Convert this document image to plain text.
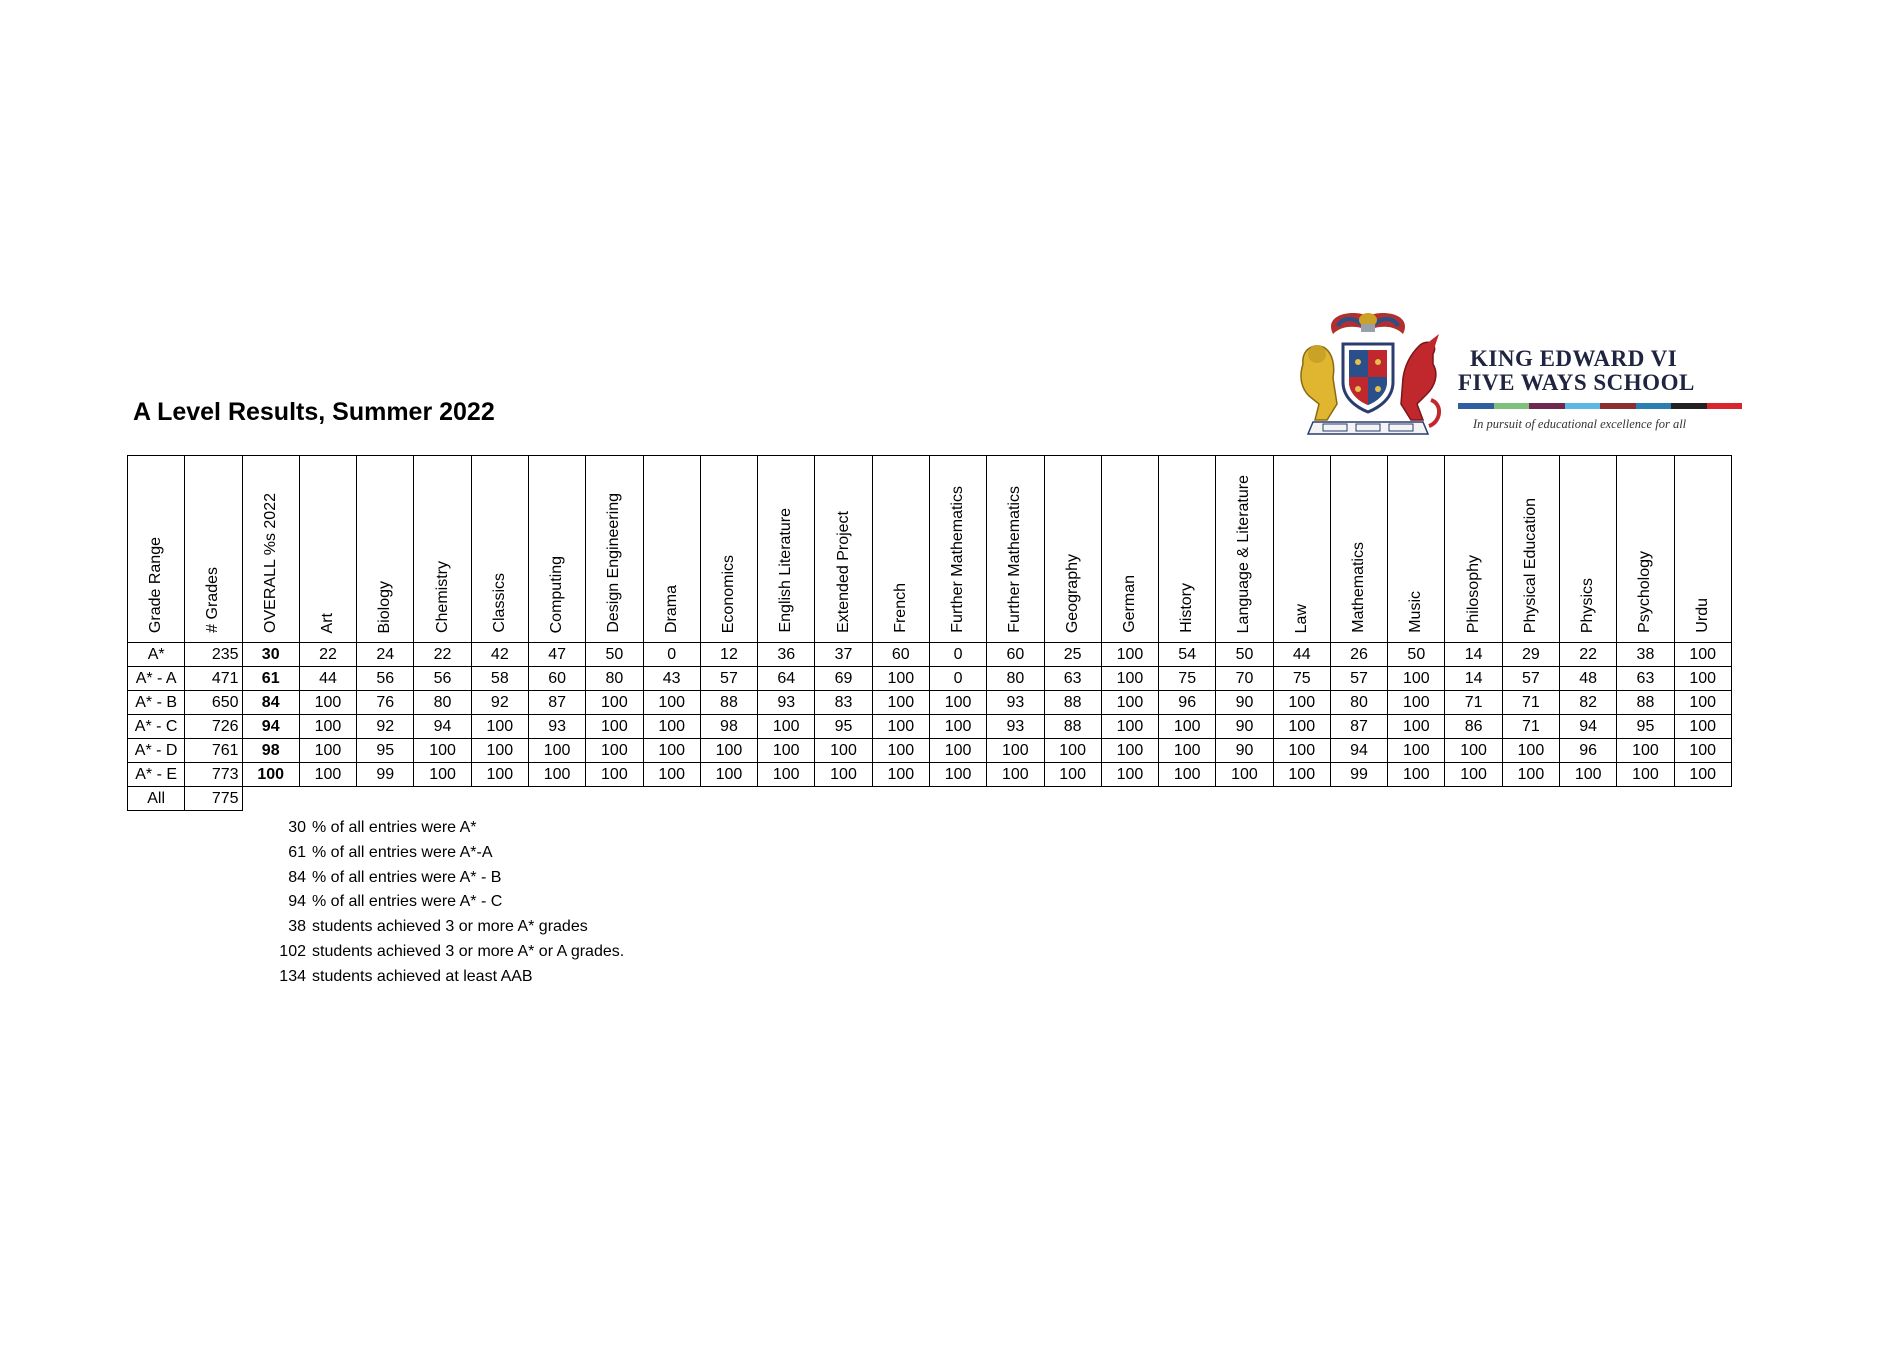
A Level Results, Summer 2022
KING EDWARD VI
FIVE WAYS SCHOOL
In pursuit of educational excellence for all
Grade Range	# Grades	OVERALL %s 2022	Art	Biology	Chemistry	Classics	Computing	Design Engineering	Drama	Economics	English Literature	Extended Project	French	Further Mathematics	Further Mathematics	Geography	German	History	Language & Literature	Law	Mathematics	Music	Philosophy	Physical Education	Physics	Psychology	Urdu
A*	235	30	22	24	22	42	47	50	0	12	36	37	60	0	60	25	100	54	50	44	26	50	14	29	22	38	100
A* - A	471	61	44	56	56	58	60	80	43	57	64	69	100	0	80	63	100	75	70	75	57	100	14	57	48	63	100
A* - B	650	84	100	76	80	92	87	100	100	88	93	83	100	100	93	88	100	96	90	100	80	100	71	71	82	88	100
A* - C	726	94	100	92	94	100	93	100	100	98	100	95	100	100	93	88	100	100	90	100	87	100	86	71	94	95	100
A* - D	761	98	100	95	100	100	100	100	100	100	100	100	100	100	100	100	100	100	90	100	94	100	100	100	96	100	100
A* - E	773	100	100	99	100	100	100	100	100	100	100	100	100	100	100	100	100	100	100	100	99	100	100	100	100	100	100
All	775																										
30 % of all entries were A*
61 % of all entries were A*-A
84 % of all entries were A* - B
94 % of all entries were A* - C
38 students achieved 3 or more A* grades
102 students achieved 3 or more A* or A grades.
134 students achieved at least AAB
